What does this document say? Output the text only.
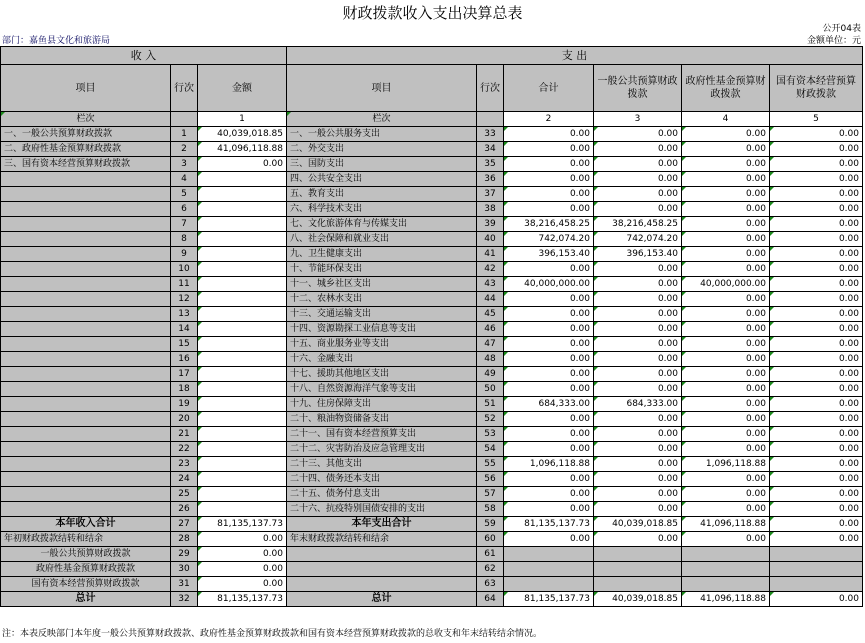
财政拨款收入支出决算总表
公开04表
金额单位：元
部门：嘉鱼县文化和旅游局
收 入			支 出					
项目	行次	金额	项目	行次	合计	一般公共预算财政拨款	政府性基金预算财政拨款	国有资本经营预算财政拨款
栏次		1	栏次		2	3	4	5
一、一般公共预算财政拨款	1	40,039,018.85	一、一般公共服务支出	33	0.00	0.00	0.00	0.00
二、政府性基金预算财政拨款	2	41,096,118.88	二、外交支出	34	0.00	0.00	0.00	0.00
三、国有资本经营预算财政拨款	3	0.00	三、国防支出	35	0.00	0.00	0.00	0.00
	4		四、公共安全支出	36	0.00	0.00	0.00	0.00
	5		五、教育支出	37	0.00	0.00	0.00	0.00
	6		六、科学技术支出	38	0.00	0.00	0.00	0.00
	7		七、文化旅游体育与传媒支出	39	38,216,458.25	38,216,458.25	0.00	0.00
	8		八、社会保障和就业支出	40	742,074.20	742,074.20	0.00	0.00
	9		九、卫生健康支出	41	396,153.40	396,153.40	0.00	0.00
	10		十、节能环保支出	42	0.00	0.00	0.00	0.00
	11		十一、城乡社区支出	43	40,000,000.00	0.00	40,000,000.00	0.00
	12		十二、农林水支出	44	0.00	0.00	0.00	0.00
	13		十三、交通运输支出	45	0.00	0.00	0.00	0.00
	14		十四、资源勘探工业信息等支出	46	0.00	0.00	0.00	0.00
	15		十五、商业服务业等支出	47	0.00	0.00	0.00	0.00
	16		十六、金融支出	48	0.00	0.00	0.00	0.00
	17		十七、援助其他地区支出	49	0.00	0.00	0.00	0.00
	18		十八、自然资源海洋气象等支出	50	0.00	0.00	0.00	0.00
	19		十九、住房保障支出	51	684,333.00	684,333.00	0.00	0.00
	20		二十、粮油物资储备支出	52	0.00	0.00	0.00	0.00
	21		二十一、国有资本经营预算支出	53	0.00	0.00	0.00	0.00
	22		二十二、灾害防治及应急管理支出	54	0.00	0.00	0.00	0.00
	23		二十三、其他支出	55	1,096,118.88	0.00	1,096,118.88	0.00
	24		二十四、债务还本支出	56	0.00	0.00	0.00	0.00
	25		二十五、债务付息支出	57	0.00	0.00	0.00	0.00
	26		二十六、抗疫特别国债安排的支出	58	0.00	0.00	0.00	0.00
本年收入合计	27	81,135,137.73	本年支出合计	59	81,135,137.73	40,039,018.85	41,096,118.88	0.00
年初财政拨款结转和结余	28	0.00	年末财政拨款结转和结余	60	0.00	0.00	0.00	0.00
一般公共预算财政拨款	29	0.00		61				
政府性基金预算财政拨款	30	0.00		62				
国有资本经营预算财政拨款	31	0.00		63				
总计	32	81,135,137.73	总计	64	81,135,137.73	40,039,018.85	41,096,118.88	0.00
注：本表反映部门本年度一般公共预算财政拨款、政府性基金预算财政拨款和国有资本经营预算财政拨款的总收支和年末结转结余情况。
